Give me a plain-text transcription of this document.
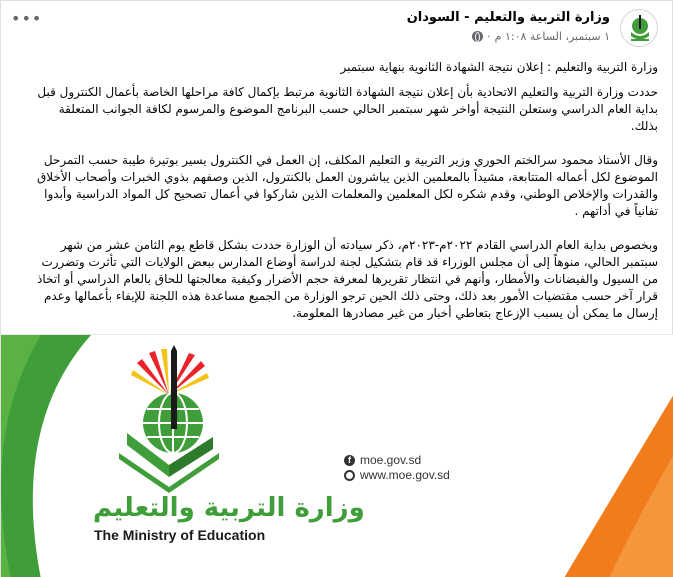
•••	وزارة التربية والتعليم - السودان
١ سبتمبر، الساعة ١:٠٨ م
·

وزارة التربية والتعليم : إعلان نتيجة الشهادة الثانوية بنهاية سبتمبر

حددت وزارة التربية والتعليم الاتحادية بأن إعلان نتيجة الشهادة الثانوية مرتبط بإكمال كافة مراحلها الخاصة بأعمال الكنترول قبل بداية العام الدراسي وستعلن النتيجة أواخر شهر سبتمبر الحالي حسب البرنامج الموضوع والمرسوم لكافة الجوانب المتعلقة بذلك.

وقال الأستاذ محمود سرالختم الحوري وزير التربية و التعليم المكلف، إن العمل في الكنترول يسير بوتيرة طيبة حسب التمرحل الموضوع لكل أعماله المتتابعة، مشيداً بالمعلمين الذين يباشرون العمل بالكنترول، الذين وصفهم بذوي الخبرات وأصحاب الأخلاق والقدرات والإخلاص الوطني، وقدم شكره لكل المعلمين والمعلمات الذين شاركوا في أعمال تصحيح كل المواد الدراسية وأبدوا تفانياً في أداتهم .

وبخصوص بداية العام الدراسي القادم ٢٠٢٢م-٢٠٢٣م، ذكر سيادته أن الوزارة حددت بشكل قاطع يوم الثامن عشر من شهر سبتمبر الحالي، منوهاً إلى أن مجلس الوزراء قد قام بتشكيل لجنة لدراسة أوضاع المدارس ببعض الولايات التي تأثرت وتضررت من السيول والفيضانات والأمطار، وأنهم في انتظار تقريرها لمعرفة حجم الأضرار وكيفية معالجتها للحاق بالعام الدراسي أو اتخاذ قرار آخر حسب مقتضيات الأمور بعد ذلك، وحتى ذلك الحين ترجو الوزارة من الجميع مساعدة هذه اللجنة للإيفاء بأعمالها وعدم إرسال ما يمكن أن يسبب الإزعاج بتعاطي أخبار من غير مصادرها المعلومة.

وزارة التربية والتعليم
The Ministry of Education
f moe.gov.sd
www.moe.gov.sd
